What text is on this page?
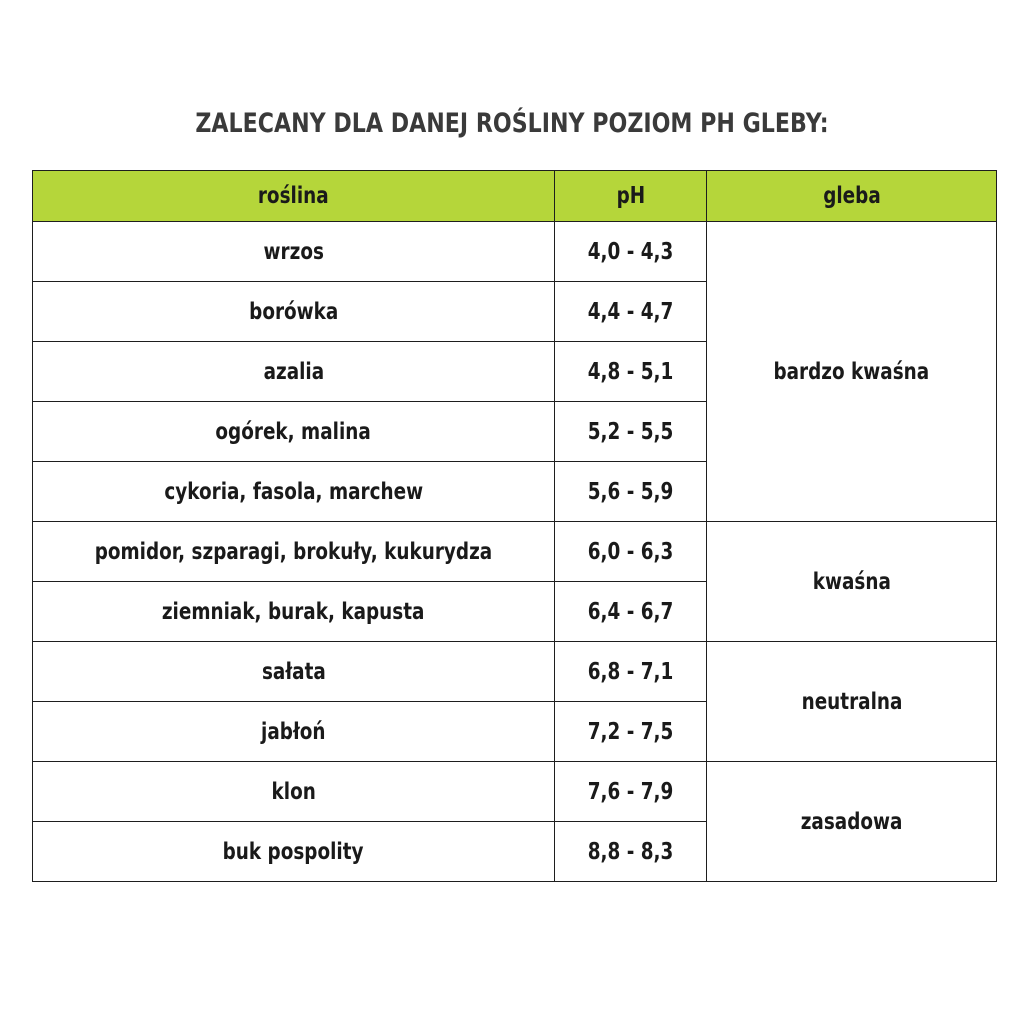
ZALECANY DLA DANEJ ROŚLINY POZIOM PH GLEBY:
roślina	pH	gleba
wrzos	4,0 - 4,3	bardzo kwaśna
borówka	4,4 - 4,7	
azalia	4,8 - 5,1	
ogórek, malina	5,2 - 5,5	
cykoria, fasola, marchew	5,6 - 5,9	
pomidor, szparagi, brokuły, kukurydza	6,0 - 6,3	kwaśna
ziemniak, burak, kapusta	6,4 - 6,7	
sałata	6,8 - 7,1	neutralna
jabłoń	7,2 - 7,5	
klon	7,6 - 7,9	zasadowa
buk pospolity	8,8 - 8,3	
